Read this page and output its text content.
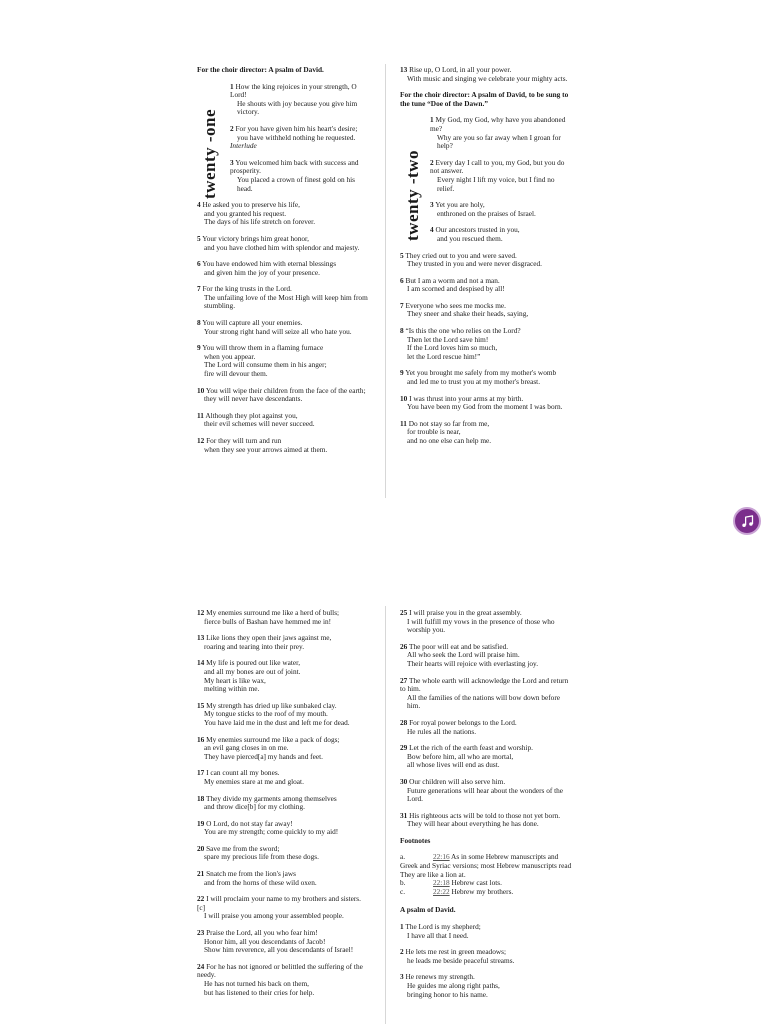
For the choir director: A psalm of David.
1 How the king rejoices in your strength, O Lord!
He shouts with joy because you give him victory.
2 For you have given him his heart's desire;
you have withheld nothing he requested.
Interlude
3 You welcomed him back with success and prosperity.
You placed a crown of finest gold on his head.
4 He asked you to preserve his life,
and you granted his request.
The days of his life stretch on forever.
5 Your victory brings him great honor,
and you have clothed him with splendor and majesty.
6 You have endowed him with eternal blessings
and given him the joy of your presence.
7 For the king trusts in the Lord.
The unfailing love of the Most High will keep him from stumbling.
8 You will capture all your enemies.
Your strong right hand will seize all who hate you.
9 You will throw them in a flaming furnace
when you appear.
The Lord will consume them in his anger;
fire will devour them.
10 You will wipe their children from the face of the earth;
they will never have descendants.
11 Although they plot against you,
their evil schemes will never succeed.
12 For they will turn and run
when they see your arrows aimed at them.
twenty -one
13 Rise up, O Lord, in all your power.
With music and singing we celebrate your mighty acts.
For the choir director: A psalm of David, to be sung to the tune “Doe of the Dawn.”
1 My God, my God, why have you abandoned me?
Why are you so far away when I groan for help?
2 Every day I call to you, my God, but you do not answer.
Every night I lift my voice, but I find no relief.
3 Yet you are holy,
enthroned on the praises of Israel.
4 Our ancestors trusted in you,
and you rescued them.
5 They cried out to you and were saved.
They trusted in you and were never disgraced.
6 But I am a worm and not a man.
I am scorned and despised by all!
7 Everyone who sees me mocks me.
They sneer and shake their heads, saying,
8 “Is this the one who relies on the Lord?
Then let the Lord save him!
If the Lord loves him so much,
let the Lord rescue him!”
9 Yet you brought me safely from my mother's womb
and led me to trust you at my mother's breast.
10 I was thrust into your arms at my birth.
You have been my God from the moment I was born.
11 Do not stay so far from me,
for trouble is near,
and no one else can help me.
twenty -two
12 My enemies surround me like a herd of bulls;
fierce bulls of Bashan have hemmed me in!
13 Like lions they open their jaws against me,
roaring and tearing into their prey.
14 My life is poured out like water,
and all my bones are out of joint.
My heart is like wax,
melting within me.
15 My strength has dried up like sunbaked clay.
My tongue sticks to the roof of my mouth.
You have laid me in the dust and left me for dead.
16 My enemies surround me like a pack of dogs;
an evil gang closes in on me.
They have pierced[a] my hands and feet.
17 I can count all my bones.
My enemies stare at me and gloat.
18 They divide my garments among themselves
and throw dice[b] for my clothing.
19 O Lord, do not stay far away!
You are my strength; come quickly to my aid!
20 Save me from the sword;
spare my precious life from these dogs.
21 Snatch me from the lion's jaws
and from the horns of these wild oxen.
22 I will proclaim your name to my brothers and sisters.[c]
I will praise you among your assembled people.
23 Praise the Lord, all you who fear him!
Honor him, all you descendants of Jacob!
Show him reverence, all you descendants of Israel!
24 For he has not ignored or belittled the suffering of the needy.
He has not turned his back on them,
but has listened to their cries for help.
25 I will praise you in the great assembly.
I will fulfill my vows in the presence of those who worship you.
26 The poor will eat and be satisfied.
All who seek the Lord will praise him.
Their hearts will rejoice with everlasting joy.
27 The whole earth will acknowledge the Lord and return to him.
All the families of the nations will bow down before him.
28 For royal power belongs to the Lord.
He rules all the nations.
29 Let the rich of the earth feast and worship.
Bow before him, all who are mortal,
all whose lives will end as dust.
30 Our children will also serve him.
Future generations will hear about the wonders of the Lord.
31 His righteous acts will be told to those not yet born.
They will hear about everything he has done.
Footnotes
a.	22:16 As in some Hebrew manuscripts and Greek and Syriac versions; most Hebrew manuscripts read They are like a lion at.
b.	22:18 Hebrew cast lots.
c.	22:22 Hebrew my brothers.
A psalm of David.
1 The Lord is my shepherd;
I have all that I need.
2 He lets me rest in green meadows;
he leads me beside peaceful streams.
3 He renews my strength.
He guides me along right paths,
bringing honor to his name.
